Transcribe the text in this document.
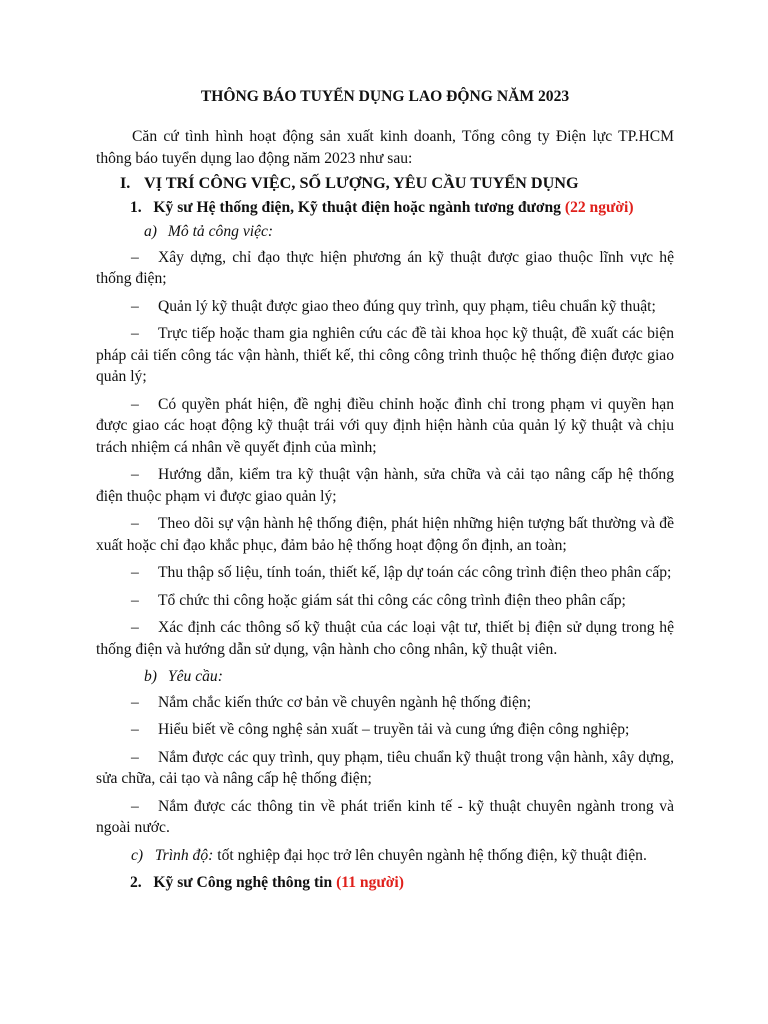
THÔNG BÁO TUYỂN DỤNG LAO ĐỘNG NĂM 2023

Căn cứ tình hình hoạt động sản xuất kinh doanh, Tổng công ty Điện lực TP.HCM thông báo tuyển dụng lao động năm 2023 như sau:

I. VỊ TRÍ CÔNG VIỆC, SỐ LƯỢNG, YÊU CẦU TUYỂN DỤNG

1. Kỹ sư Hệ thống điện, Kỹ thuật điện hoặc ngành tương đương (22 người)

a) Mô tả công việc:

– Xây dựng, chỉ đạo thực hiện phương án kỹ thuật được giao thuộc lĩnh vực hệ thống điện;

– Quản lý kỹ thuật được giao theo đúng quy trình, quy phạm, tiêu chuẩn kỹ thuật;

– Trực tiếp hoặc tham gia nghiên cứu các đề tài khoa học kỹ thuật, đề xuất các biện pháp cải tiến công tác vận hành, thiết kế, thi công công trình thuộc hệ thống điện được giao quản lý;

– Có quyền phát hiện, đề nghị điều chỉnh hoặc đình chỉ trong phạm vi quyền hạn được giao các hoạt động kỹ thuật trái với quy định hiện hành của quản lý kỹ thuật và chịu trách nhiệm cá nhân về quyết định của mình;

– Hướng dẫn, kiểm tra kỹ thuật vận hành, sửa chữa và cải tạo nâng cấp hệ thống điện thuộc phạm vi được giao quản lý;

– Theo dõi sự vận hành hệ thống điện, phát hiện những hiện tượng bất thường và đề xuất hoặc chỉ đạo khắc phục, đảm bảo hệ thống hoạt động ổn định, an toàn;

– Thu thập số liệu, tính toán, thiết kế, lập dự toán các công trình điện theo phân cấp;

– Tổ chức thi công hoặc giám sát thi công các công trình điện theo phân cấp;

– Xác định các thông số kỹ thuật của các loại vật tư, thiết bị điện sử dụng trong hệ thống điện và hướng dẫn sử dụng, vận hành cho công nhân, kỹ thuật viên.

b) Yêu cầu:

– Nắm chắc kiến thức cơ bản về chuyên ngành hệ thống điện;

– Hiểu biết về công nghệ sản xuất – truyền tải và cung ứng điện công nghiệp;

– Nắm được các quy trình, quy phạm, tiêu chuẩn kỹ thuật trong vận hành, xây dựng, sửa chữa, cải tạo và nâng cấp hệ thống điện;

– Nắm được các thông tin về phát triển kinh tế - kỹ thuật chuyên ngành trong và ngoài nước.

c) Trình độ: tốt nghiệp đại học trở lên chuyên ngành hệ thống điện, kỹ thuật điện.

2. Kỹ sư Công nghệ thông tin (11 người)
